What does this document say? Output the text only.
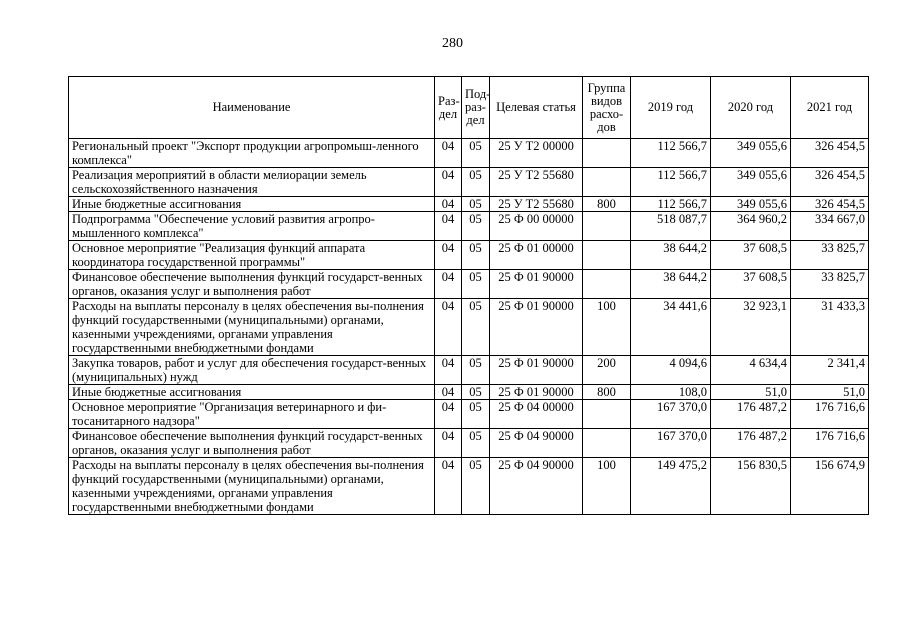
280
Наименование	Раз-дел	Под-раз-дел	Целевая статья	Группа видов расхо-дов	2019 год	2020 год	2021 год
Региональный проект "Экспорт продукции агропромыш-ленного комплекса"	04	05	25 У Т2 00000		112 566,7	349 055,6	326 454,5
Реализация мероприятий в области мелиорации земель сельскохозяйственного назначения	04	05	25 У Т2 55680		112 566,7	349 055,6	326 454,5
Иные бюджетные ассигнования	04	05	25 У Т2 55680	800	112 566,7	349 055,6	326 454,5
Подпрограмма "Обеспечение условий развития агропро-мышленного комплекса"	04	05	25 Ф 00 00000		518 087,7	364 960,2	334 667,0
Основное мероприятие "Реализация функций аппарата координатора государственной программы"	04	05	25 Ф 01 00000		38 644,2	37 608,5	33 825,7
Финансовое обеспечение выполнения функций государст-венных органов, оказания услуг и выполнения работ	04	05	25 Ф 01 90000		38 644,2	37 608,5	33 825,7
Расходы на выплаты персоналу в целях обеспечения вы-полнения функций государственными (муниципальными) органами, казенными учреждениями, органами управления государственными внебюджетными фондами	04	05	25 Ф 01 90000	100	34 441,6	32 923,1	31 433,3
Закупка товаров, работ и услуг для обеспечения государст-венных (муниципальных) нужд	04	05	25 Ф 01 90000	200	4 094,6	4 634,4	2 341,4
Иные бюджетные ассигнования	04	05	25 Ф 01 90000	800	108,0	51,0	51,0
Основное мероприятие "Организация ветеринарного и фи-тосанитарного надзора"	04	05	25 Ф 04 00000		167 370,0	176 487,2	176 716,6
Финансовое обеспечение выполнения функций государст-венных органов, оказания услуг и выполнения работ	04	05	25 Ф 04 90000		167 370,0	176 487,2	176 716,6
Расходы на выплаты персоналу в целях обеспечения вы-полнения функций государственными (муниципальными) органами, казенными учреждениями, органами управления государственными внебюджетными фондами	04	05	25 Ф 04 90000	100	149 475,2	156 830,5	156 674,9
